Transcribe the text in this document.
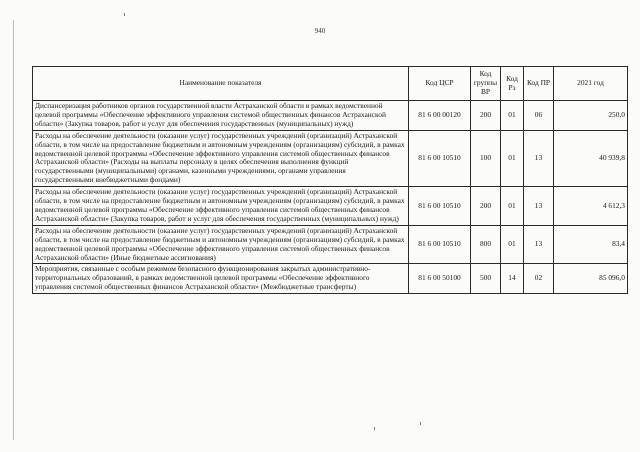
940
Наименование показателя	Код ЦСР	Код группы ВР	Код Рз	Код ПР	2021 год
Диспансеризация работников органов государственной власти Астраханской области в рамках ведомственной целевой программы «Обеспечение эффективного управления системой общественных финансов Астраханской области» (Закупка товаров, работ и услуг для обеспечения государственных (муниципальных) нужд)	81 6 00 00120	200	01	06	250,0
Расходы на обеспечение деятельности (оказание услуг) государственных учреждений (организаций) Астраханской области, в том числе на предоставление бюджетным и автономным учреждениям (организациям) субсидий, в рамках ведомственной целевой программы «Обеспечение эффективного управления системой общественных финансов Астраханской области» (Расходы на выплаты персоналу в целях обеспечения выполнения функций государственными (муниципальными) органами, казенными учреждениями, органами управления государственными внебюджетными фондами)	81 6 00 10510	100	01	13	40 939,8
Расходы на обеспечение деятельности (оказание услуг) государственных учреждений (организаций) Астраханской области, в том числе на предоставление бюджетным и автономным учреждениям (организациям) субсидий, в рамках ведомственной целевой программы «Обеспечение эффективного управления системой общественных финансов Астраханской области» (Закупка товаров, работ и услуг для обеспечения государственных (муниципальных) нужд)	81 6 00 10510	200	01	13	4 612,3
Расходы на обеспечение деятельности (оказание услуг) государственных учреждений (организаций) Астраханской области, в том числе на предоставление бюджетным и автономным учреждениям (организациям) субсидий, в рамках ведомственной целевой программы «Обеспечение эффективного управления системой общественных финансов Астраханской области» (Иные бюджетные ассигнования)	81 6 00 10510	800	01	13	83,4
Мероприятия, связанные с особым режимом безопасного функционирования закрытых административно-территориальных образований, в рамках ведомственной целевой программы «Обеспечение эффективного управления системой общественных финансов Астраханской области» (Межбюджетные трансферты)	81 6 00 50100	500	14	02	85 096,0
